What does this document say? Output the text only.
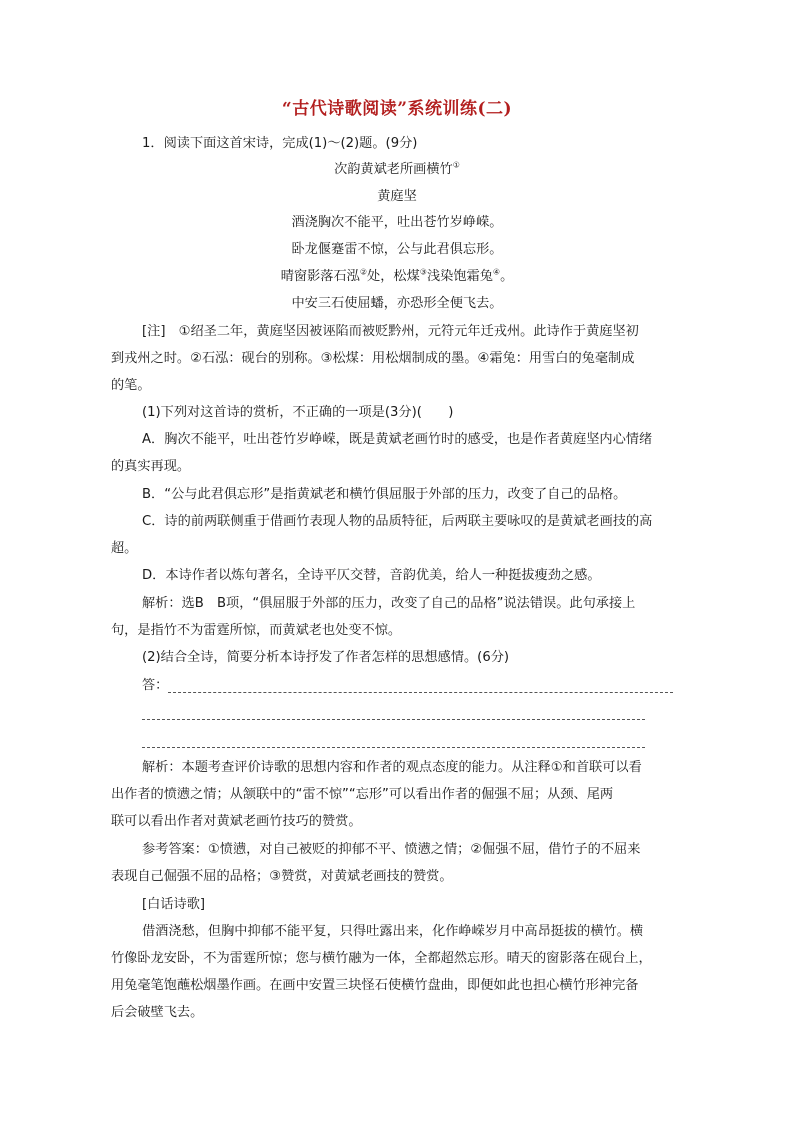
“古代诗歌阅读”系统训练(二)
1．阅读下面这首宋诗，完成(1)～(2)题。(9分)
次韵黄斌老所画横竹①
黄庭坚
酒浇胸次不能平，吐出苍竹岁峥嵘。
卧龙偃蹇雷不惊，公与此君俱忘形。
晴窗影落石泓②处，松煤③浅染饱霜兔④。
中安三石使屈蟠，亦恐形全便飞去。
[注]　①绍圣二年，黄庭坚因被诬陷而被贬黔州，元符元年迁戎州。此诗作于黄庭坚初
到戎州之时。②石泓：砚台的别称。③松煤：用松烟制成的墨。④霜兔：用雪白的兔毫制成
的笔。
(1)下列对这首诗的赏析，不正确的一项是(3分)(　　)
A．胸次不能平，吐出苍竹岁峥嵘，既是黄斌老画竹时的感受，也是作者黄庭坚内心情绪
的真实再现。
B．“公与此君俱忘形”是指黄斌老和横竹俱屈服于外部的压力，改变了自己的品格。
C．诗的前两联侧重于借画竹表现人物的品质特征，后两联主要咏叹的是黄斌老画技的高
超。
D．本诗作者以炼句著名，全诗平仄交替，音韵优美，给人一种挺拔瘦劲之感。
解析：选B　B项，“俱屈服于外部的压力，改变了自己的品格”说法错误。此句承接上
句，是指竹不为雷霆所惊，而黄斌老也处变不惊。
(2)结合全诗，简要分析本诗抒发了作者怎样的思想感情。(6分)
答：
解析：本题考查评价诗歌的思想内容和作者的观点态度的能力。从注释①和首联可以看
出作者的愤懑之情；从颔联中的“雷不惊”“忘形”可以看出作者的倔强不屈；从颈、尾两
联可以看出作者对黄斌老画竹技巧的赞赏。
参考答案：①愤懑，对自己被贬的抑郁不平、愤懑之情；②倔强不屈，借竹子的不屈来
表现自己倔强不屈的品格；③赞赏，对黄斌老画技的赞赏。
[白话诗歌]
借酒浇愁，但胸中抑郁不能平复，只得吐露出来，化作峥嵘岁月中高昂挺拔的横竹。横
竹像卧龙安卧，不为雷霆所惊；您与横竹融为一体，全都超然忘形。晴天的窗影落在砚台上，
用兔毫笔饱蘸松烟墨作画。在画中安置三块怪石使横竹盘曲，即便如此也担心横竹形神完备
后会破壁飞去。
